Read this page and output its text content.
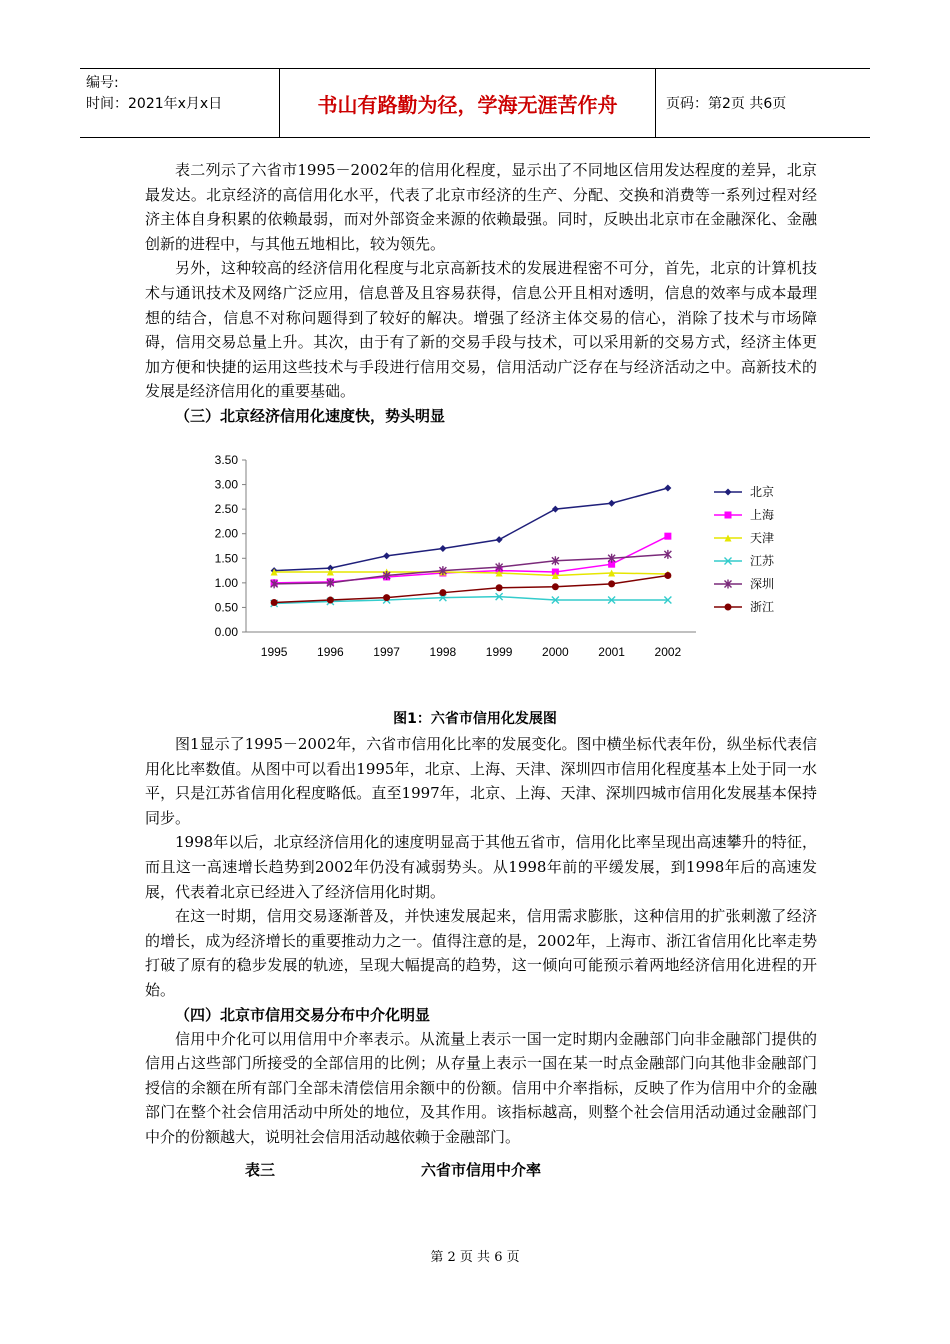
编号:
时间：2021年x月x日	书山有路勤为径，学海无涯苦作舟	页码：第2页 共6页

表二列示了六省市1995－2002年的信用化程度，显示出了不同地区信用发达程度的差异，北京最发达。北京经济的高信用化水平，代表了北京市经济的生产、分配、交换和消费等一系列过程对经济主体自身积累的依赖最弱，而对外部资金来源的依赖最强。同时，反映出北京市在金融深化、金融创新的进程中，与其他五地相比，较为领先。

另外，这种较高的经济信用化程度与北京高新技术的发展进程密不可分，首先，北京的计算机技术与通讯技术及网络广泛应用，信息普及且容易获得，信息公开且相对透明，信息的效率与成本最理想的结合，信息不对称问题得到了较好的解决。增强了经济主体交易的信心，消除了技术与市场障碍，信用交易总量上升。其次，由于有了新的交易手段与技术，可以采用新的交易方式，经济主体更加方便和快捷的运用这些技术与手段进行信用交易，信用活动广泛存在与经济活动之中。高新技术的发展是经济信用化的重要基础。

（三）北京经济信用化速度快，势头明显
0.00
0.50
1.00
1.50
2.00
2.50
3.00
3.50
1995 1996 1997 1998 1999 2000 2001 2002
北京
上海
天津
江苏
深圳
浙江
图1：六省市信用化发展图

图1显示了1995－2002年，六省市信用化比率的发展变化。图中横坐标代表年份，纵坐标代表信用化比率数值。从图中可以看出1995年，北京、上海、天津、深圳四市信用化程度基本上处于同一水平，只是江苏省信用化程度略低。直至1997年，北京、上海、天津、深圳四城市信用化发展基本保持同步。

1998年以后，北京经济信用化的速度明显高于其他五省市，信用化比率呈现出高速攀升的特征，而且这一高速增长趋势到2002年仍没有减弱势头。从1998年前的平缓发展，到1998年后的高速发展，代表着北京已经进入了经济信用化时期。

在这一时期，信用交易逐渐普及，并快速发展起来，信用需求膨胀，这种信用的扩张刺激了经济的增长，成为经济增长的重要推动力之一。值得注意的是，2002年，上海市、浙江省信用化比率走势打破了原有的稳步发展的轨迹，呈现大幅提高的趋势，这一倾向可能预示着两地经济信用化进程的开始。

（四）北京市信用交易分布中介化明显

信用中介化可以用信用中介率表示。从流量上表示一国一定时期内金融部门向非金融部门提供的信用占这些部门所接受的全部信用的比例；从存量上表示一国在某一时点金融部门向其他非金融部门授信的余额在所有部门全部未清偿信用余额中的份额。信用中介率指标，反映了作为信用中介的金融部门在整个社会信用活动中所处的地位，及其作用。该指标越高，则整个社会信用活动通过金融部门中介的份额越大，说明社会信用活动越依赖于金融部门。

表三	六省市信用中介率
第 2 页 共 6 页
